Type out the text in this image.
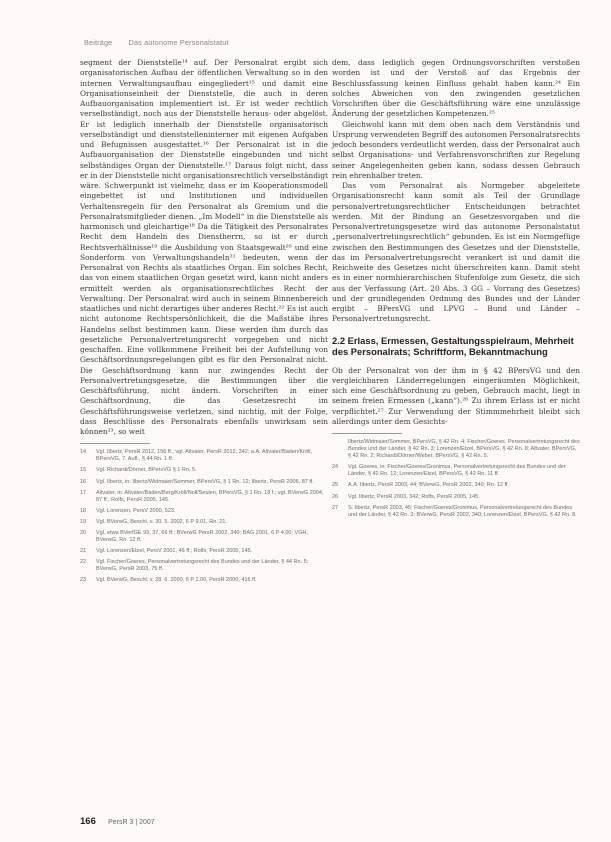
Beiträge Das autonome Personalstatut

segment der Dienststelle¹⁴ auf. Der Personalrat ergibt sich organisatorischen Aufbau der öffentlichen Verwaltung so in den internen Verwaltungsaufbau eingegliedert¹⁵ und damit eine Organisationseinheit der Dienststelle, die auch in deren Aufbauorganisation implementiert ist. Er ist weder rechtlich verselbständigt, noch aus der Dienststelle heraus- oder abgelöst. Er ist lediglich innerhalb der Dienststelle organisatorisch verselbständigt und dienststelleninterner mit eigenen Aufgaben und Befugnissen ausgestattet.¹⁶ Der Personalrat ist in die Aufbauorganisation der Dienststelle eingebunden und nicht selbständiges Organ der Dienststelle.¹⁷ Daraus folgt nicht, dass er in der Dienststelle nicht organisationsrechtlich verselbständigt wäre. Schwerpunkt ist vielmehr, dass er im Kooperationsmodell eingebettet ist und Institutionen und individuellen Verhaltensregeln für den Personalrat als Gremium und die Personalratsmitglieder dienen. „Im Modell“ in die Dienststelle als harmonisch und gleichartige¹⁸ Da die Tätigkeit des Personalrates Recht dem Handeln des Dienstherrn, so ist er durch Rechtsverhältnisse¹⁹ die Ausbildung von Staatsgewalt²⁰ und eine Sonderform von Verwaltungshandeln²¹ bedeuten, wenn der Personalrat von Rechts als staatliches Organ. Ein solches Recht, das von einem staatlichen Organ gesetzt wird, kann nicht anders ermittelt werden als organisationsrechtliches Recht der Verwaltung. Der Personalrat wird auch in seinem Binnenbereich staatliches und nicht derartiges über anderes Recht.²² Es ist auch nicht autonome Rechtspersönlichkeit, die die Maßstäbe ihres Handelns selbst bestimmen kann. Diese werden ihm durch das gesetzliche Personalvertretungsrecht vorgegeben und nicht geschaffen. Eine vollkommene Freiheit bei der Aufstellung von Geschäftsordnungsregelungen gibt es für den Personalrat nicht. Die Geschäftsordnung kann nur zwingendes Recht der Personalvertretungsgesetze, die Bestimmungen über die Geschäftsführung, nicht ändern. Vorschriften in einer Geschäftsordnung, die das Gesetzesrecht im Geschäftsführungsweise verletzen, sind nichtig, mit der Folge, dass Beschlüsse des Personalrats ebenfalls unwirksam sein können²³, so weit

14 Vgl. Ilbertz, PersR 2012, 156 ff.; vgl. Altvater, PersR 2012, 342; a.A. Altvater/Baden/Kröll, BPersVG, 7. Aufl., § 44 Rn. 1 ff.

15 Vgl. Richardi/Dörner, BPersVG § 1 Rn. 5.

16 Vgl. Ilbertz, in: Ilbertz/Widmaier/Sommer, BPersVG, § 1 Rn. 12; Ilbertz, PersR 2006, 87 ff.

17 Altvater, in: Altvater/Baden/Berg/Kröll/Noll/Seulen, BPersVG, § 1 Rn. 18 f.; vgl. BVerwG 2004, 87 ff.; Rolfs, PersR 2005, 145.

18 Vgl. Lorenzen, PersV 2000, 523.

19 Vgl. BVerwG, Beschl. v. 30. 5. 2002, 6 P 9.01, Rn. 21.

20 Vgl. etwa BVerfGE 93, 37, 66 ff.; BVerwG PersR 2002, 340; BAG 2001, 6 P 4.00; VGH, BVerwG, Rn. 12 ff.

21 Vgl. Lorenzen/Etzel, PersV 2001, 46 ff.; Rolfs, PersR 2005, 145.

22 Vgl. Fischer/Goeres, Personalvertretungsrecht des Bundes und der Länder, § 44 Rn. 5; BVerwG, PersR 2003, 75 ff.

23 Vgl. BVerwG, Beschl. v. 28. 6. 2000, 6 P 1.00, PersR 2000, 416 ff.

dem, dass lediglich gegen Ordnungsvorschriften verstoßen worden ist und der Verstoß auf das Ergebnis der Beschlussfassung keinen Einfluss gehabt haben kann.²⁴ Ein solches Abweichen von den zwingenden gesetzlichen Vorschriften über die Geschäftsführung wäre eine unzulässige Änderung der gesetzlichen Kompetenzen.²⁵

Gleichwohl kann mit dem oben nach dem Verständnis und Ursprung verwendeten Begriff des autonomen Personalratsrechts jedoch besonders verdeutlicht werden, dass der Personalrat auch selbst Organisations- und Verfahrensvorschriften zur Regelung seiner Angelegenheiten geben kann, sodass dessen Gebrauch rein ehrenhalber treten.

Das vom Personalrat als Normgeber abgeleitete Organisationsrecht kann somit als Teil der Grundlage personalvertretungsrechtlicher Entscheidungen betrachtet werden. Mit der Bindung an Gesetzesvorgaben und die Personalvertretungsgesetze wird das autonome Personalstatut „personalvertretungsrechtlich“ gebunden. Es ist ein Normgefüge zwischen den Bestimmungen des Gesetzes und der Dienststelle, das im Personalvertretungsrecht verankert ist und damit die Reichweite des Gesetzes nicht überschreiten kann. Damit steht es in einer normhierarchischen Stufenfolge zum Gesetz, die sich aus der Verfassung (Art. 20 Abs. 3 GG – Vorrang des Gesetzes) und der grundlegenden Ordnung des Bundes und der Länder ergibt – BPersVG und LPVG – Bund und Länder – Personalvertretungsrecht.

2.2 Erlass, Ermessen, Gestaltungsspielraum, Mehrheit des Personalrats; Schriftform, Bekanntmachung

Ob der Personalrat von der ihm in § 42 BPersVG und den vergleichbaren Länderregelungen eingeräumten Möglichkeit, sich eine Geschäftsordnung zu geben, Gebrauch macht, liegt in seinem freien Ermessen („kann“).²⁶ Zu ihrem Erlass ist er nicht verpflichtet.²⁷ Zur Verwendung der Stimmmehrheit bleibt sich allerdings unter dem Gesichts-

Ilbertz/Widmaier/Sommer, BPersVG, § 42 Rn. 4; Fischer/Goeres, Personalvertretungsrecht des Bundes und der Länder, § 42 Rn. 3; Lorenzen/Etzel, BPersVG, § 42 Rn. 8; Altvater, BPersVG, § 42 Rn. 2; Richardi/Dörner/Weber, BPersVG, § 42 Rn. 5.

24 Vgl. Goeres, in: Fischer/Goeres/Gronimus, Personalvertretungsrecht des Bundes und der Länder, § 42 Rn. 12; Lorenzen/Etzel, BPersVG, § 42 Rn. 11 ff.

25 A.A. Ilbertz, PersR 2003, 44; BVerwG, PersR 2002, 340; Rn. 12 ff.

26 Vgl. Ilbertz, PersR 2003, 342; Rolfs, PersR 2005, 145.

27 S. Ilbertz, PersR 2003, 45; Fischer/Goeres/Gronimus, Personalvertretungsrecht des Bundes und der Länder, § 42 Rn. 3; BVerwG, PersR 2002, 340; Lorenzen/Etzel, BPersVG, § 42 Rn. 8.

166 PersR 3 | 2007
